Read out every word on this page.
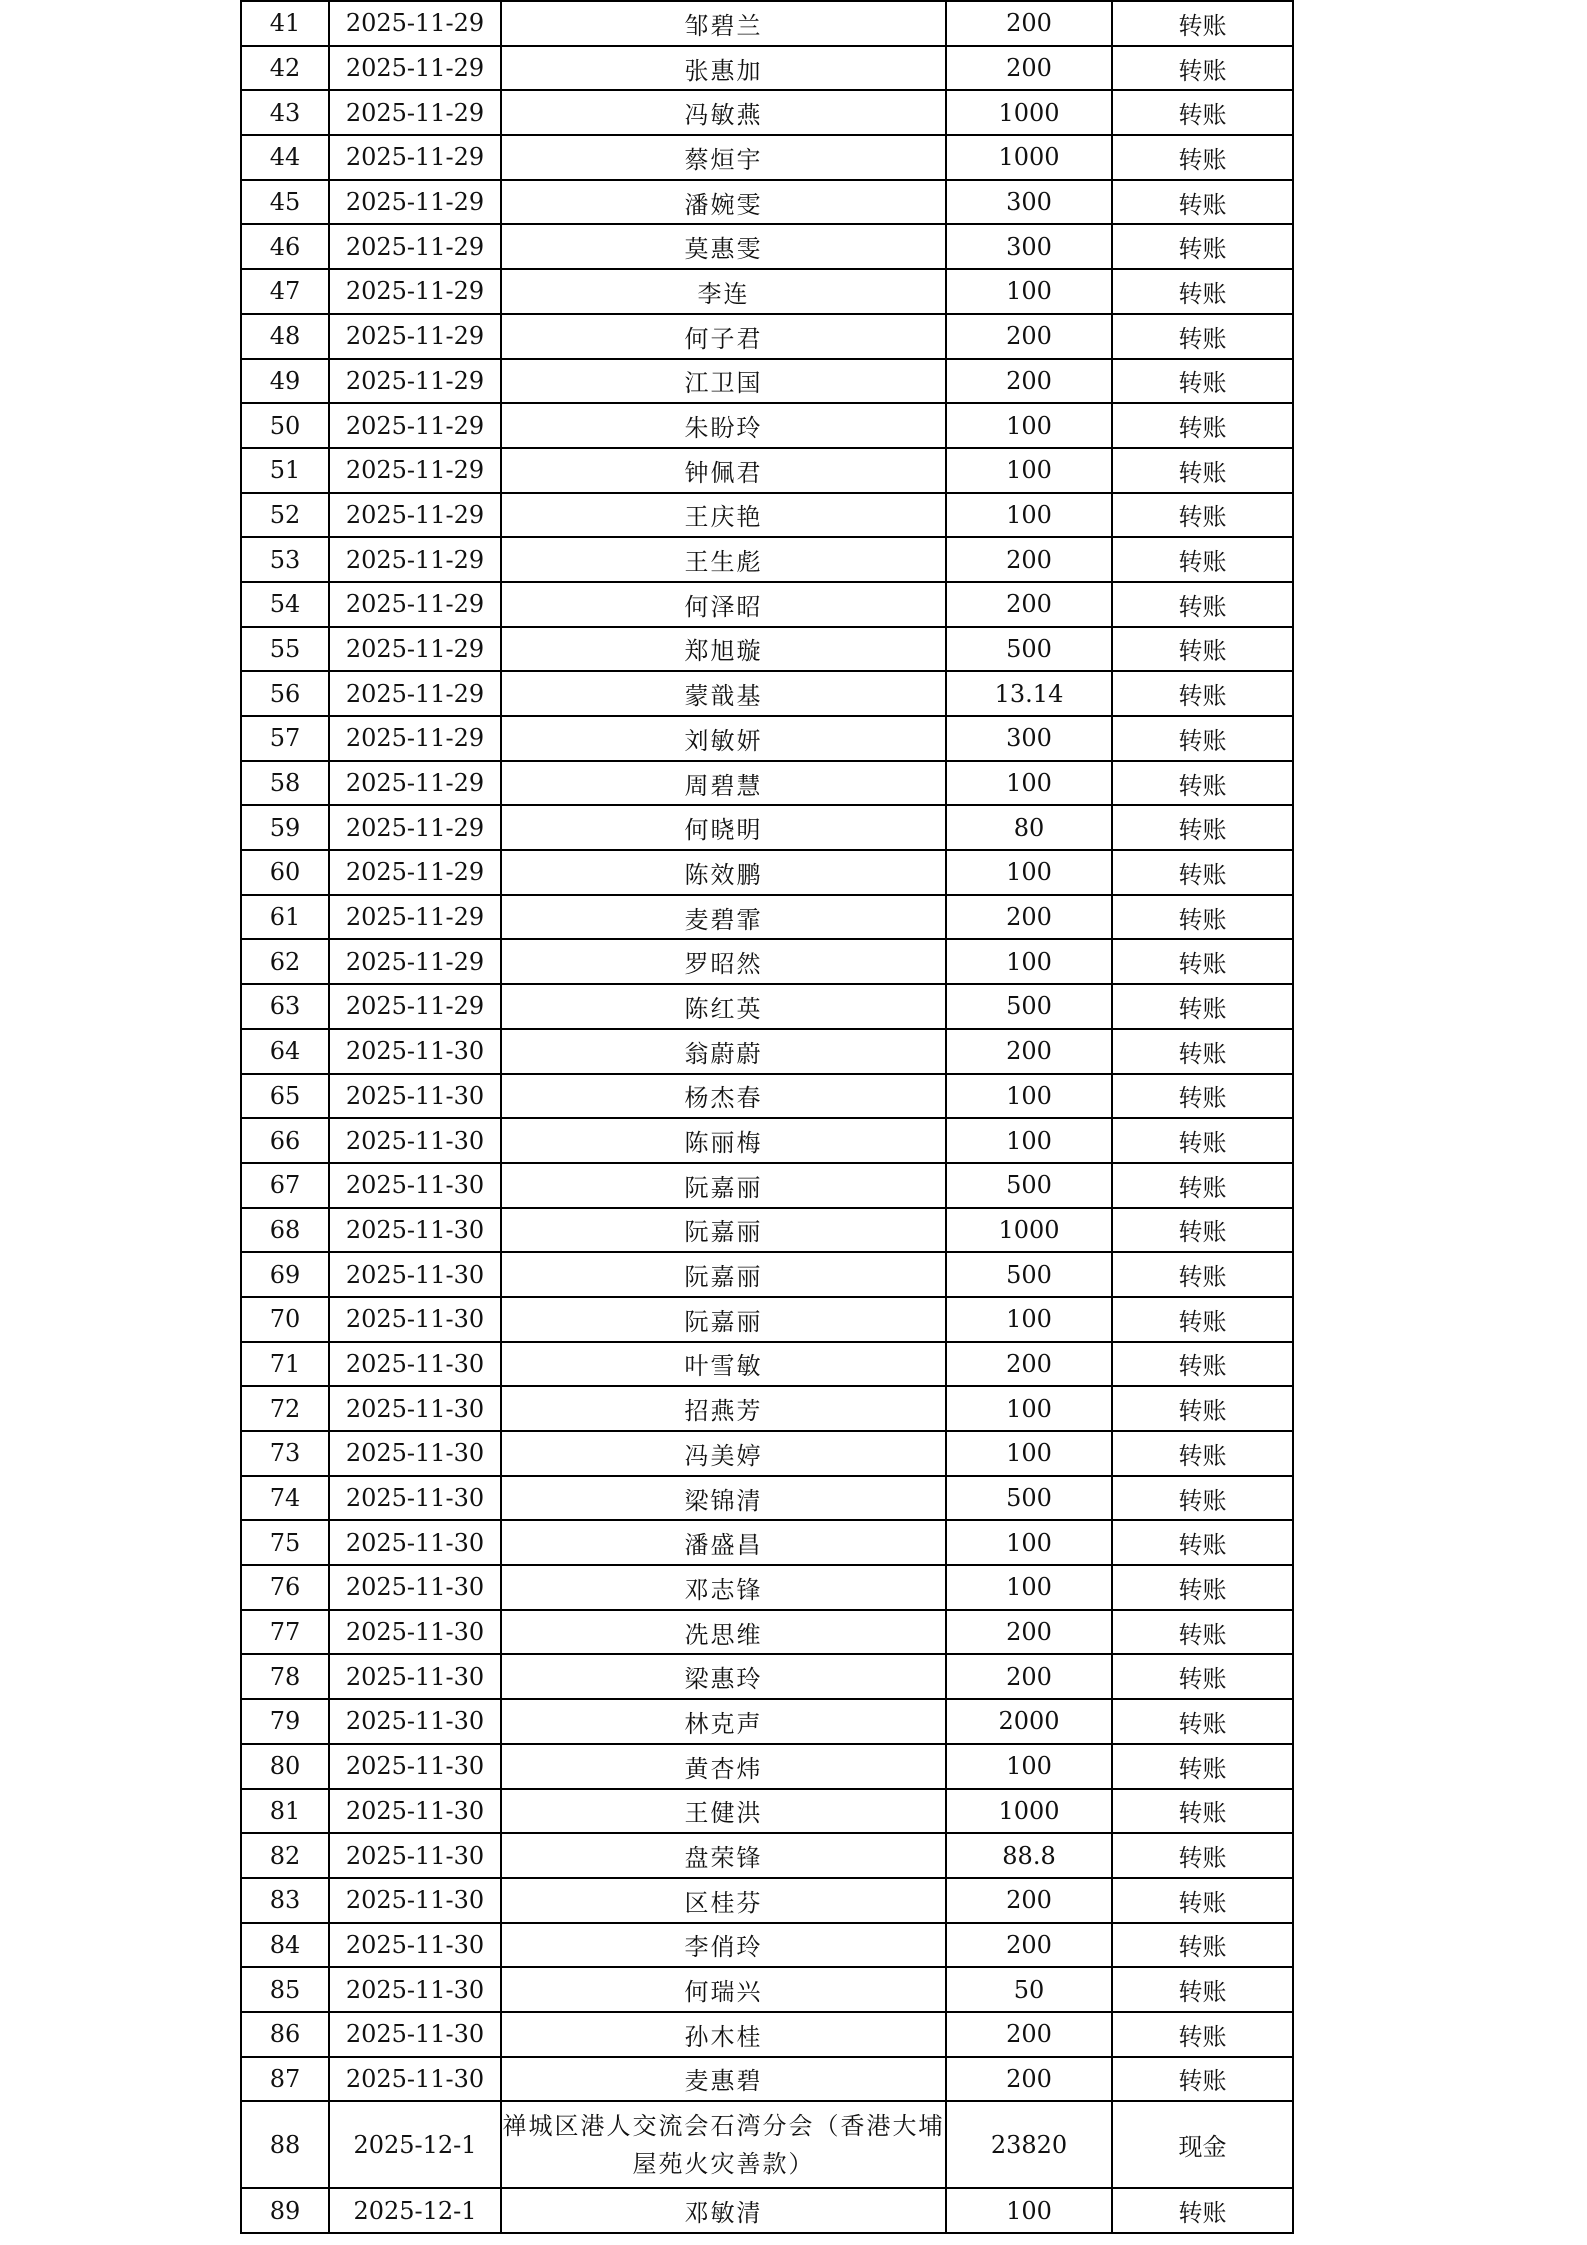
41	2025-11-29	邹碧兰	200	转账
42	2025-11-29	张惠加	200	转账
43	2025-11-29	冯敏燕	1000	转账
44	2025-11-29	蔡烜宇	1000	转账
45	2025-11-29	潘婉雯	300	转账
46	2025-11-29	莫惠雯	300	转账
47	2025-11-29	李连	100	转账
48	2025-11-29	何子君	200	转账
49	2025-11-29	江卫国	200	转账
50	2025-11-29	朱盼玲	100	转账
51	2025-11-29	钟佩君	100	转账
52	2025-11-29	王庆艳	100	转账
53	2025-11-29	王生彪	200	转账
54	2025-11-29	何泽昭	200	转账
55	2025-11-29	郑旭璇	500	转账
56	2025-11-29	蒙戠基	13.14	转账
57	2025-11-29	刘敏妍	300	转账
58	2025-11-29	周碧慧	100	转账
59	2025-11-29	何晓明	80	转账
60	2025-11-29	陈效鹏	100	转账
61	2025-11-29	麦碧霏	200	转账
62	2025-11-29	罗昭然	100	转账
63	2025-11-29	陈红英	500	转账
64	2025-11-30	翁蔚蔚	200	转账
65	2025-11-30	杨杰春	100	转账
66	2025-11-30	陈丽梅	100	转账
67	2025-11-30	阮嘉丽	500	转账
68	2025-11-30	阮嘉丽	1000	转账
69	2025-11-30	阮嘉丽	500	转账
70	2025-11-30	阮嘉丽	100	转账
71	2025-11-30	叶雪敏	200	转账
72	2025-11-30	招燕芳	100	转账
73	2025-11-30	冯美婷	100	转账
74	2025-11-30	梁锦清	500	转账
75	2025-11-30	潘盛昌	100	转账
76	2025-11-30	邓志锋	100	转账
77	2025-11-30	冼思维	200	转账
78	2025-11-30	梁惠玲	200	转账
79	2025-11-30	林克声	2000	转账
80	2025-11-30	黄杏炜	100	转账
81	2025-11-30	王健洪	1000	转账
82	2025-11-30	盘荣锋	88.8	转账
83	2025-11-30	区桂芬	200	转账
84	2025-11-30	李俏玲	200	转账
85	2025-11-30	何瑞兴	50	转账
86	2025-11-30	孙木桂	200	转账
87	2025-11-30	麦惠碧	200	转账
88	2025-12-1	禅城区港人交流会石湾分会（香港大埔屋苑火灾善款）	23820	现金
89	2025-12-1	邓敏清	100	转账
